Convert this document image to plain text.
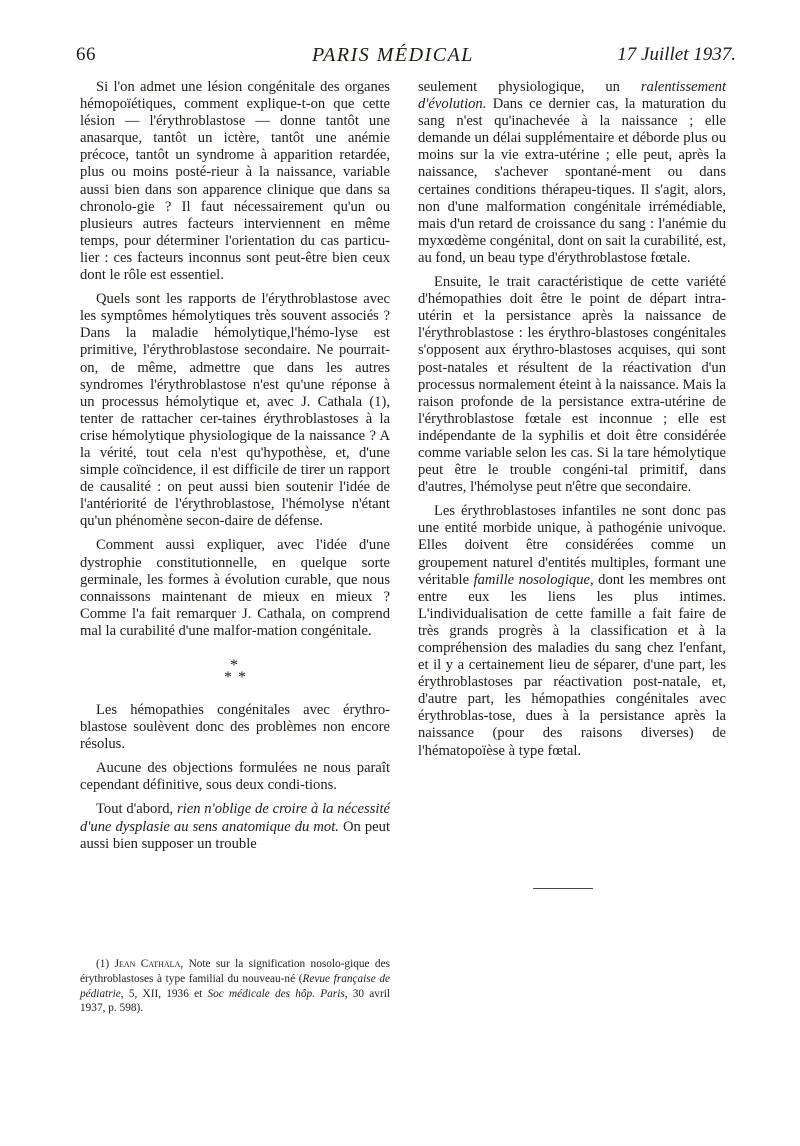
66	PARIS MÉDICAL	17 Juillet 1937.

Si l'on admet une lésion congénitale des organes hémopoïétiques, comment explique-t-on que cette lésion — l'érythroblastose — donne tantôt une anasarque, tantôt un ictère, tantôt une anémie précoce, tantôt un syndrome à apparition retardée, plus ou moins posté-rieur à la naissance, variable aussi bien dans son apparence clinique que dans sa chronolo-gie ? Il faut nécessairement qu'un ou plusieurs autres facteurs interviennent en même temps, pour déterminer l'orientation du cas particu-lier : ces facteurs inconnus sont peut-être bien ceux dont le rôle est essentiel.

Quels sont les rapports de l'érythroblastose avec les symptômes hémolytiques très souvent associés ? Dans la maladie hémolytique,l'hémo-lyse est primitive, l'érythroblastose secondaire. Ne pourrait-on, de même, admettre que dans les autres syndromes l'érythroblastose n'est qu'une réponse à un processus hémolytique et, avec J. Cathala (1), tenter de rattacher cer-taines érythroblastoses à la crise hémolytique physiologique de la naissance ? A la vérité, tout cela n'est qu'hypothèse, et, d'une simple coïncidence, il est difficile de tirer un rapport de causalité : on peut aussi bien soutenir l'idée de l'antériorité de l'érythroblastose, l'hémolyse n'étant qu'un phénomène secon-daire de défense.

Comment aussi expliquer, avec l'idée d'une dystrophie constitutionnelle, en quelque sorte germinale, les formes à évolution curable, que nous connaissons maintenant de mieux en mieux ? Comme l'a fait remarquer J. Cathala, on comprend mal la curabilité d'une malfor-mation congénitale.

*
**

Les hémopathies congénitales avec érythro-blastose soulèvent donc des problèmes non encore résolus.

Aucune des objections formulées ne nous paraît cependant définitive, sous deux condi-tions.

Tout d'abord, rien n'oblige de croire à la nécessité d'une dysplasie au sens anatomique du mot. On peut aussi bien supposer un trouble

seulement physiologique, un ralentissement d'évolution. Dans ce dernier cas, la maturation du sang n'est qu'inachevée à la naissance ; elle demande un délai supplémentaire et déborde plus ou moins sur la vie extra-utérine ; elle peut, après la naissance, s'achever spontané-ment ou dans certaines conditions thérapeu-tiques. Il s'agit, alors, non d'une malformation congénitale irrémédiable, mais d'un retard de croissance du sang : l'anémie du myxœdème congénital, dont on sait la curabilité, est, au fond, un beau type d'érythroblastose fœtale.

Ensuite, le trait caractéristique de cette variété d'hémopathies doit être le point de départ intra-utérin et la persistance après la naissance de l'érythroblastose : les érythro-blastoses congénitales s'opposent aux érythro-blastoses acquises, qui sont post-natales et résultent de la réactivation d'un processus normalement éteint à la naissance. Mais la raison profonde de la persistance extra-utérine de l'érythroblastose fœtale est inconnue ; elle est indépendante de la syphilis et doit être considérée comme variable selon les cas. Si la tare hémolytique peut être le trouble congéni-tal primitif, dans d'autres, l'hémolyse peut n'être que secondaire.

Les érythroblastoses infantiles ne sont donc pas une entité morbide unique, à pathogénie univoque. Elles doivent être considérées comme un groupement naturel d'entités multiples, formant une véritable famille nosologique, dont les membres ont entre eux les liens les plus intimes. L'individualisation de cette famille a fait faire de très grands progrès à la classification et à la compréhension des maladies du sang chez l'enfant, et il y a certainement lieu de séparer, d'une part, les érythroblastoses par réactivation post-natale, et, d'autre part, les hémopathies congénitales avec érythroblas-tose, dues à la persistance après la naissance (pour des raisons diverses) de l'hématopoïèse à type fœtal.

(1) Jean Cathala, Note sur la signification nosolo-gique des érythroblastoses à type familial du nouveau-né (Revue française de pédiatrie, 5, XII, 1936 et Soc médicale des hôp. Paris, 30 avril 1937, p. 598).
